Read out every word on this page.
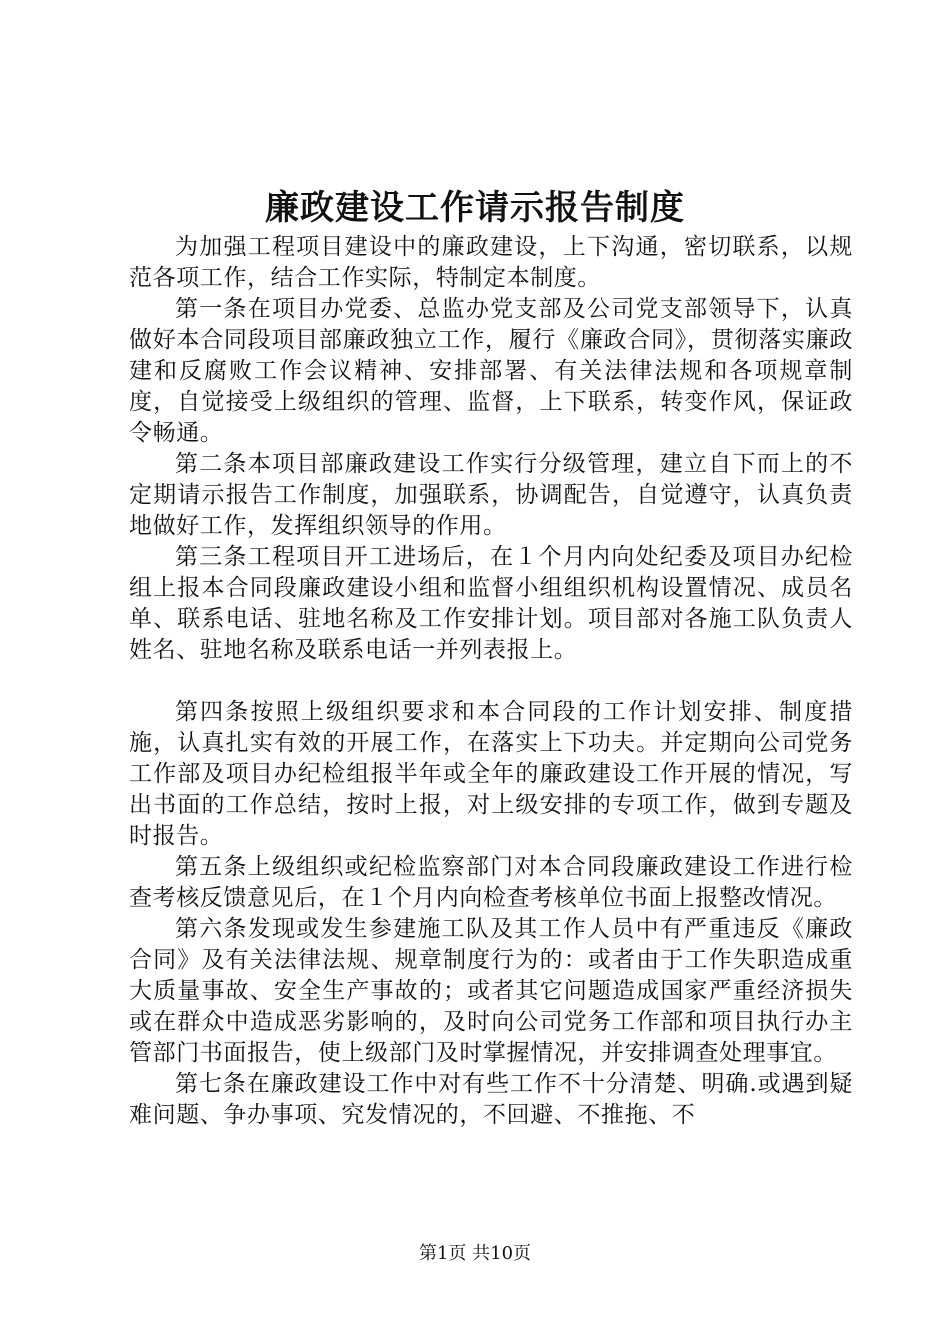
廉政建设工作请示报告制度

为加强工程项目建设中的廉政建设，上下沟通，密切联系，以规范各项工作，结合工作实际，特制定本制度。

第一条在项目办党委、总监办党支部及公司党支部领导下，认真做好本合同段项目部廉政独立工作，履行《廉政合同》，贯彻落实廉政建和反腐败工作会议精神、安排部署、有关法律法规和各项规章制度，自觉接受上级组织的管理、监督，上下联系，转变作风，保证政令畅通。

第二条本项目部廉政建设工作实行分级管理，建立自下而上的不定期请示报告工作制度，加强联系，协调配告，自觉遵守，认真负责地做好工作，发挥组织领导的作用。

第三条工程项目开工进场后，在１个月内向处纪委及项目办纪检组上报本合同段廉政建设小组和监督小组组织机构设置情况、成员名单、联系电话、驻地名称及工作安排计划。项目部对各施工队负责人姓名、驻地名称及联系电话一并列表报上。

第四条按照上级组织要求和本合同段的工作计划安排、制度措施，认真扎实有效的开展工作，在落实上下功夫。并定期向公司党务工作部及项目办纪检组报半年或全年的廉政建设工作开展的情况，写出书面的工作总结，按时上报，对上级安排的专项工作，做到专题及时报告。

第五条上级组织或纪检监察部门对本合同段廉政建设工作进行检查考核反馈意见后，在１个月内向检查考核单位书面上报整改情况。

第六条发现或发生参建施工队及其工作人员中有严重违反《廉政合同》及有关法律法规、规章制度行为的：或者由于工作失职造成重大质量事故、安全生产事故的；或者其它问题造成国家严重经济损失或在群众中造成恶劣影响的，及时向公司党务工作部和项目执行办主管部门书面报告，使上级部门及时掌握情况，并安排调查处理事宜。

第七条在廉政建设工作中对有些工作不十分清楚、明确.或遇到疑难问题、争办事项、究发情况的，不回避、不推拖、不

第1页 共10页
